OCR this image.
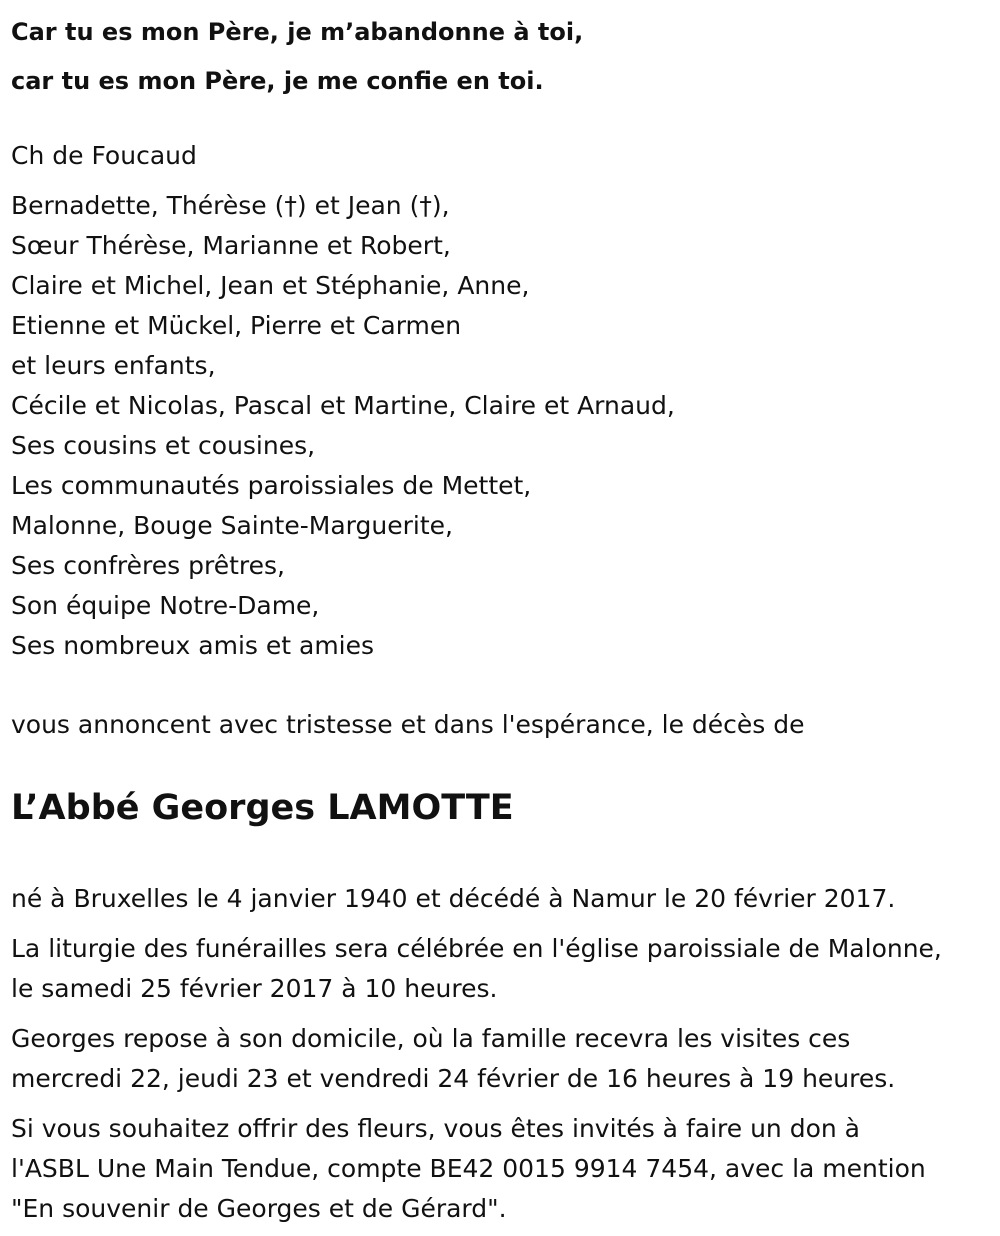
Car tu es mon Père, je m’abandonne à toi,
car tu es mon Père, je me confie en toi.
Ch de Foucaud
Bernadette, Thérèse (†) et Jean (†),
Sœur Thérèse, Marianne et Robert,
Claire et Michel, Jean et Stéphanie, Anne,
Etienne et Mückel, Pierre et Carmen
et leurs enfants,
Cécile et Nicolas, Pascal et Martine, Claire et Arnaud,
Ses cousins et cousines,
Les communautés paroissiales de Mettet,
Malonne, Bouge Sainte-Marguerite,
Ses confrères prêtres,
Son équipe Notre-Dame,
Ses nombreux amis et amies
vous annoncent avec tristesse et dans l'espérance, le décès de
L’Abbé Georges LAMOTTE
né à Bruxelles le 4 janvier 1940 et décédé à Namur le 20 février 2017.
La liturgie des funérailles sera célébrée en l'église paroissiale de Malonne,
le samedi 25 février 2017 à 10 heures.
Georges repose à son domicile, où la famille recevra les visites ces
mercredi 22, jeudi 23 et vendredi 24 février de 16 heures à 19 heures.
Si vous souhaitez offrir des fleurs, vous êtes invités à faire un don à
l'ASBL Une Main Tendue, compte BE42 0015 9914 7454, avec la mention
"En souvenir de Georges et de Gérard".
